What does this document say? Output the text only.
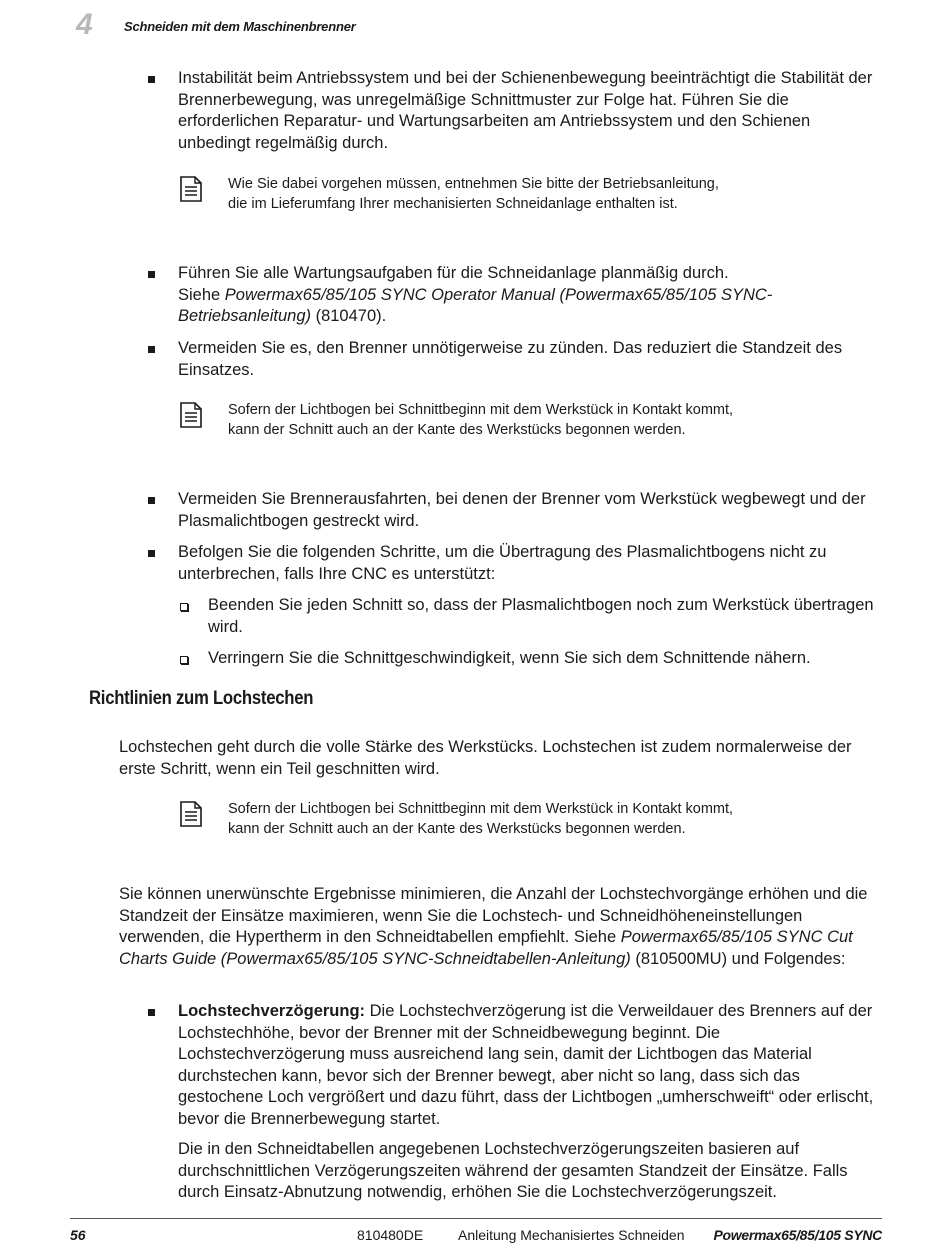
4 Schneiden mit dem Maschinenbrenner
Instabilität beim Antriebssystem und bei der Schienenbewegung beeinträchtigt die Stabilität der Brennerbewegung, was unregelmäßige Schnittmuster zur Folge hat. Führen Sie die erforderlichen Reparatur- und Wartungsarbeiten am Antriebssystem und den Schienen unbedingt regelmäßig durch.
Wie Sie dabei vorgehen müssen, entnehmen Sie bitte der Betriebsanleitung, die im Lieferumfang Ihrer mechanisierten Schneidanlage enthalten ist.
Führen Sie alle Wartungsaufgaben für die Schneidanlage planmäßig durch.
Siehe Powermax65/85/105 SYNC Operator Manual (Powermax65/85/105 SYNC-Betriebsanleitung) (810470).
Vermeiden Sie es, den Brenner unnötigerweise zu zünden. Das reduziert die Standzeit des Einsatzes.
Sofern der Lichtbogen bei Schnittbeginn mit dem Werkstück in Kontakt kommt, kann der Schnitt auch an der Kante des Werkstücks begonnen werden.
Vermeiden Sie Brennerausfahrten, bei denen der Brenner vom Werkstück wegbewegt und der Plasmalichtbogen gestreckt wird.
Befolgen Sie die folgenden Schritte, um die Übertragung des Plasmalichtbogens nicht zu unterbrechen, falls Ihre CNC es unterstützt:
Beenden Sie jeden Schnitt so, dass der Plasmalichtbogen noch zum Werkstück übertragen wird.
Verringern Sie die Schnittgeschwindigkeit, wenn Sie sich dem Schnittende nähern.
Richtlinien zum Lochstechen
Lochstechen geht durch die volle Stärke des Werkstücks. Lochstechen ist zudem normalerweise der erste Schritt, wenn ein Teil geschnitten wird.
Sofern der Lichtbogen bei Schnittbeginn mit dem Werkstück in Kontakt kommt, kann der Schnitt auch an der Kante des Werkstücks begonnen werden.
Sie können unerwünschte Ergebnisse minimieren, die Anzahl der Lochstechvorgänge erhöhen und die Standzeit der Einsätze maximieren, wenn Sie die Lochstech- und Schneidhöheneinstellungen verwenden, die Hypertherm in den Schneidtabellen empfiehlt. Siehe Powermax65/85/105 SYNC Cut Charts Guide (Powermax65/85/105 SYNC-Schneidtabellen-Anleitung) (810500MU) und Folgendes:
Lochstechverzögerung: Die Lochstechverzögerung ist die Verweildauer des Brenners auf der Lochstechhöhe, bevor der Brenner mit der Schneidbewegung beginnt. Die Lochstechverzögerung muss ausreichend lang sein, damit der Lichtbogen das Material durchstechen kann, bevor sich der Brenner bewegt, aber nicht so lang, dass sich das gestochene Loch vergrößert und dazu führt, dass der Lichtbogen „umherschweift“ oder erlischt, bevor die Brennerbewegung startet.
Die in den Schneidtabellen angegebenen Lochstechverzögerungszeiten basieren auf durchschnittlichen Verzögerungszeiten während der gesamten Standzeit der Einsätze. Falls durch Einsatz-Abnutzung notwendig, erhöhen Sie die Lochstechverzögerungszeit.
56	810480DE Anleitung Mechanisiertes Schneiden Powermax65/85/105 SYNC
